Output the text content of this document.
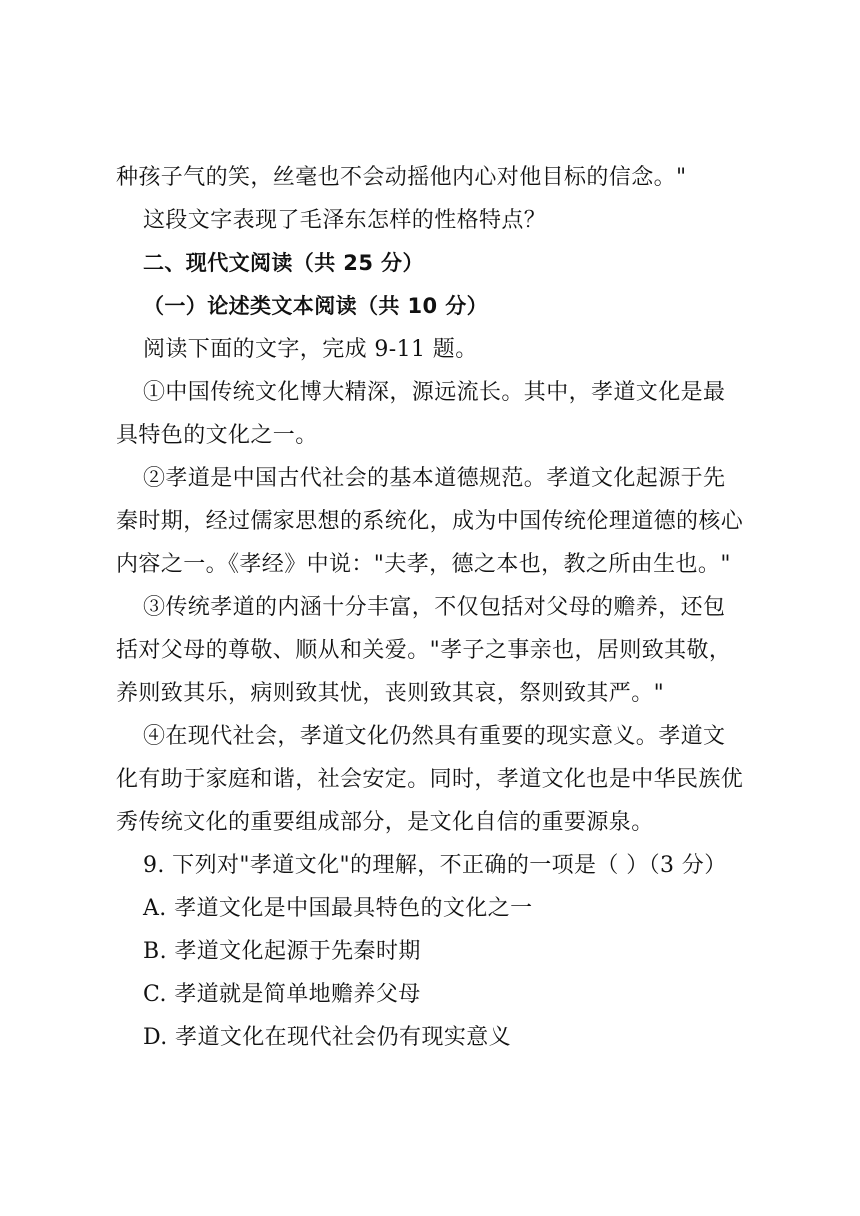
种孩子气的笑，丝毫也不会动摇他内心对他目标的信念。"
这段文字表现了毛泽东怎样的性格特点？
二、现代文阅读（共 25 分）
（一）论述类文本阅读（共 10 分）
阅读下面的文字，完成 9-11 题。
①中国传统文化博大精深，源远流长。其中，孝道文化是最
具特色的文化之一。
②孝道是中国古代社会的基本道德规范。孝道文化起源于先
秦时期，经过儒家思想的系统化，成为中国传统伦理道德的核心
内容之一。《孝经》中说："夫孝，德之本也，教之所由生也。"
③传统孝道的内涵十分丰富，不仅包括对父母的赡养，还包
括对父母的尊敬、顺从和关爱。"孝子之事亲也，居则致其敬，
养则致其乐，病则致其忧，丧则致其哀，祭则致其严。"
④在现代社会，孝道文化仍然具有重要的现实意义。孝道文
化有助于家庭和谐，社会安定。同时，孝道文化也是中华民族优
秀传统文化的重要组成部分，是文化自信的重要源泉。
9. 下列对"孝道文化"的理解，不正确的一项是（ ）（3 分）
A. 孝道文化是中国最具特色的文化之一
B. 孝道文化起源于先秦时期
C. 孝道就是简单地赡养父母
D. 孝道文化在现代社会仍有现实意义
